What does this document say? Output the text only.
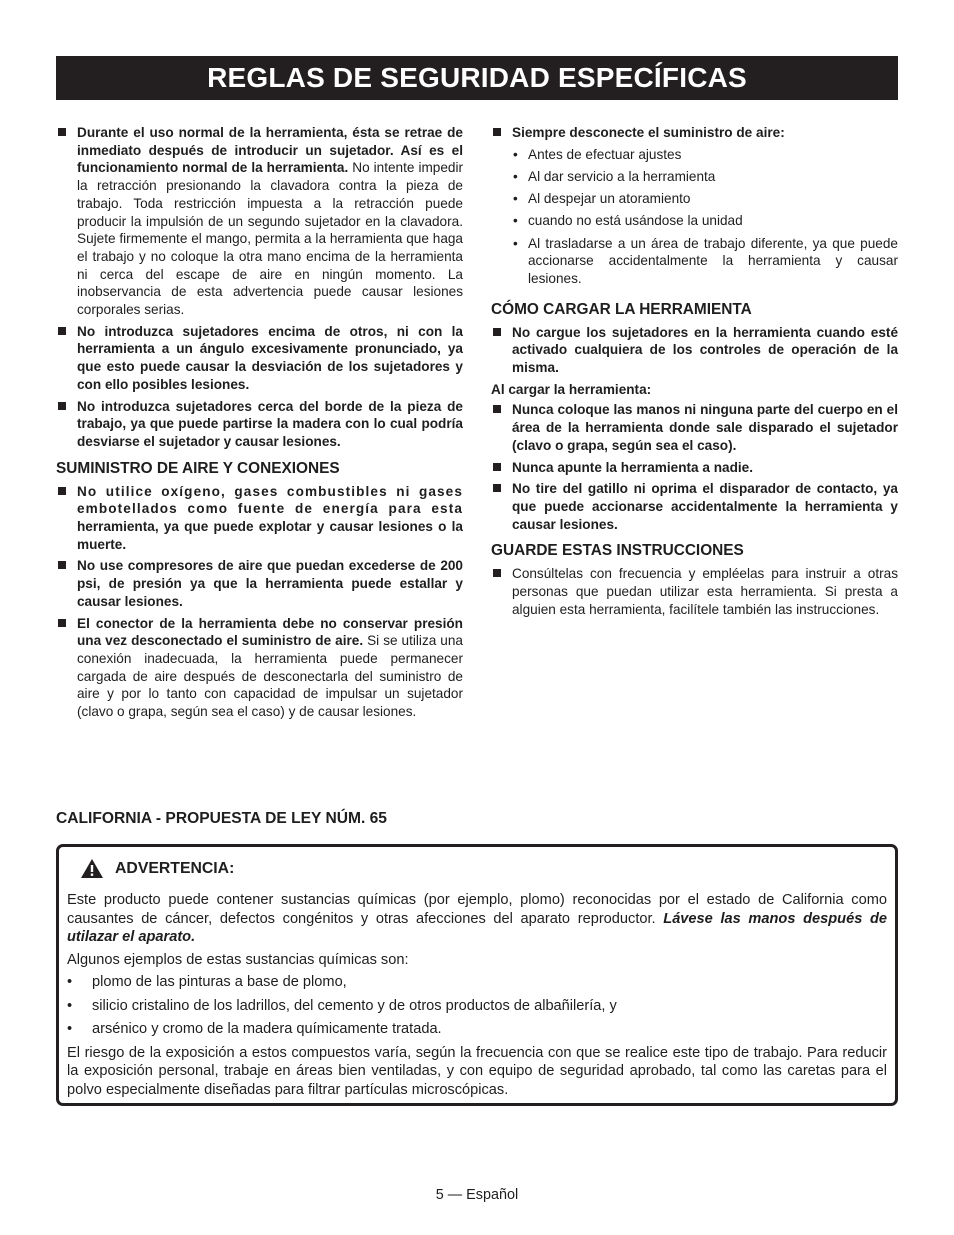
REGLAS DE SEGURIDAD ESPECÍFICAS
Durante el uso normal de la herramienta, ésta se retrae de inmediato después de introducir un sujetador. Así es el funcionamiento normal de la herramienta. No intente impedir la retracción presionando la clavadora contra la pieza de trabajo. Toda restricción impuesta a la retracción puede producir la impulsión de un segundo sujetador en la clavadora. Sujete firmemente el mango, permita a la herramienta que haga el trabajo y no coloque la otra mano encima de la herramienta ni cerca del escape de aire en ningún momento. La inobservancia de esta advertencia puede causar lesiones corporales serias.
No introduzca sujetadores encima de otros, ni con la herramienta a un ángulo excesivamente pronunciado, ya que esto puede causar la desviación de los sujetadores y con ello posibles lesiones.
No introduzca sujetadores cerca del borde de la pieza de trabajo, ya que puede partirse la madera con lo cual podría desviarse el sujetador y causar lesiones.
SUMINISTRO DE AIRE Y CONEXIONES
No utilice oxígeno, gases combustibles ni gases embotellados como fuente de energía para esta herramienta, ya que puede explotar y causar lesiones o la muerte.
No use compresores de aire que puedan excederse de 200 psi, de presión ya que la herramienta puede estallar y causar lesiones.
El conector de la herramienta debe no conservar presión una vez desconectado el suministro de aire. Si se utiliza una conexión inadecuada, la herramienta puede permanecer cargada de aire después de desconectarla del suministro de aire y por lo tanto con capacidad de impulsar un sujetador (clavo o grapa, según sea el caso) y de causar lesiones.
Siempre desconecte el suministro de aire:
• Antes de efectuar ajustes
• Al dar servicio a la herramienta
• Al despejar un atoramiento
• cuando no está usándose la unidad
• Al trasladarse a un área de trabajo diferente, ya que puede accionarse accidentalmente la herramienta y causar lesiones.
CÓMO CARGAR LA HERRAMIENTA
No cargue los sujetadores en la herramienta cuando esté activado cualquiera de los controles de operación de la misma.
Al cargar la herramienta:
Nunca coloque las manos ni ninguna parte del cuerpo en el área de la herramienta donde sale disparado el sujetador (clavo o grapa, según sea el caso).
Nunca apunte la herramienta a nadie.
No tire del gatillo ni oprima el disparador de contacto, ya que puede accionarse accidentalmente la herramienta y causar lesiones.
GUARDE ESTAS INSTRUCCIONES
Consúltelas con frecuencia y empléelas para instruir a otras personas que puedan utilizar esta herramienta. Si presta a alguien esta herramienta, facilítele también las instrucciones.
CALIFORNIA - PROPUESTA DE LEY NÚM. 65
ADVERTENCIA:

Este producto puede contener sustancias químicas (por ejemplo, plomo) reconocidas por el estado de California como causantes de cáncer, defectos congénitos y otras afecciones del aparato reproductor. Lávese las manos después de utilazar el aparato.

Algunos ejemplos de estas sustancias químicas son:

• plomo de las pinturas a base de plomo,
• silicio cristalino de los ladrillos, del cemento y de otros productos de albañilería, y
• arsénico y cromo de la madera químicamente tratada.

El riesgo de la exposición a estos compuestos varía, según la frecuencia con que se realice este tipo de trabajo. Para reducir la exposición personal, trabaje en áreas bien ventiladas, y con equipo de seguridad aprobado, tal como las caretas para el polvo especialmente diseñadas para filtrar partículas microscópicas.

5 — Español
